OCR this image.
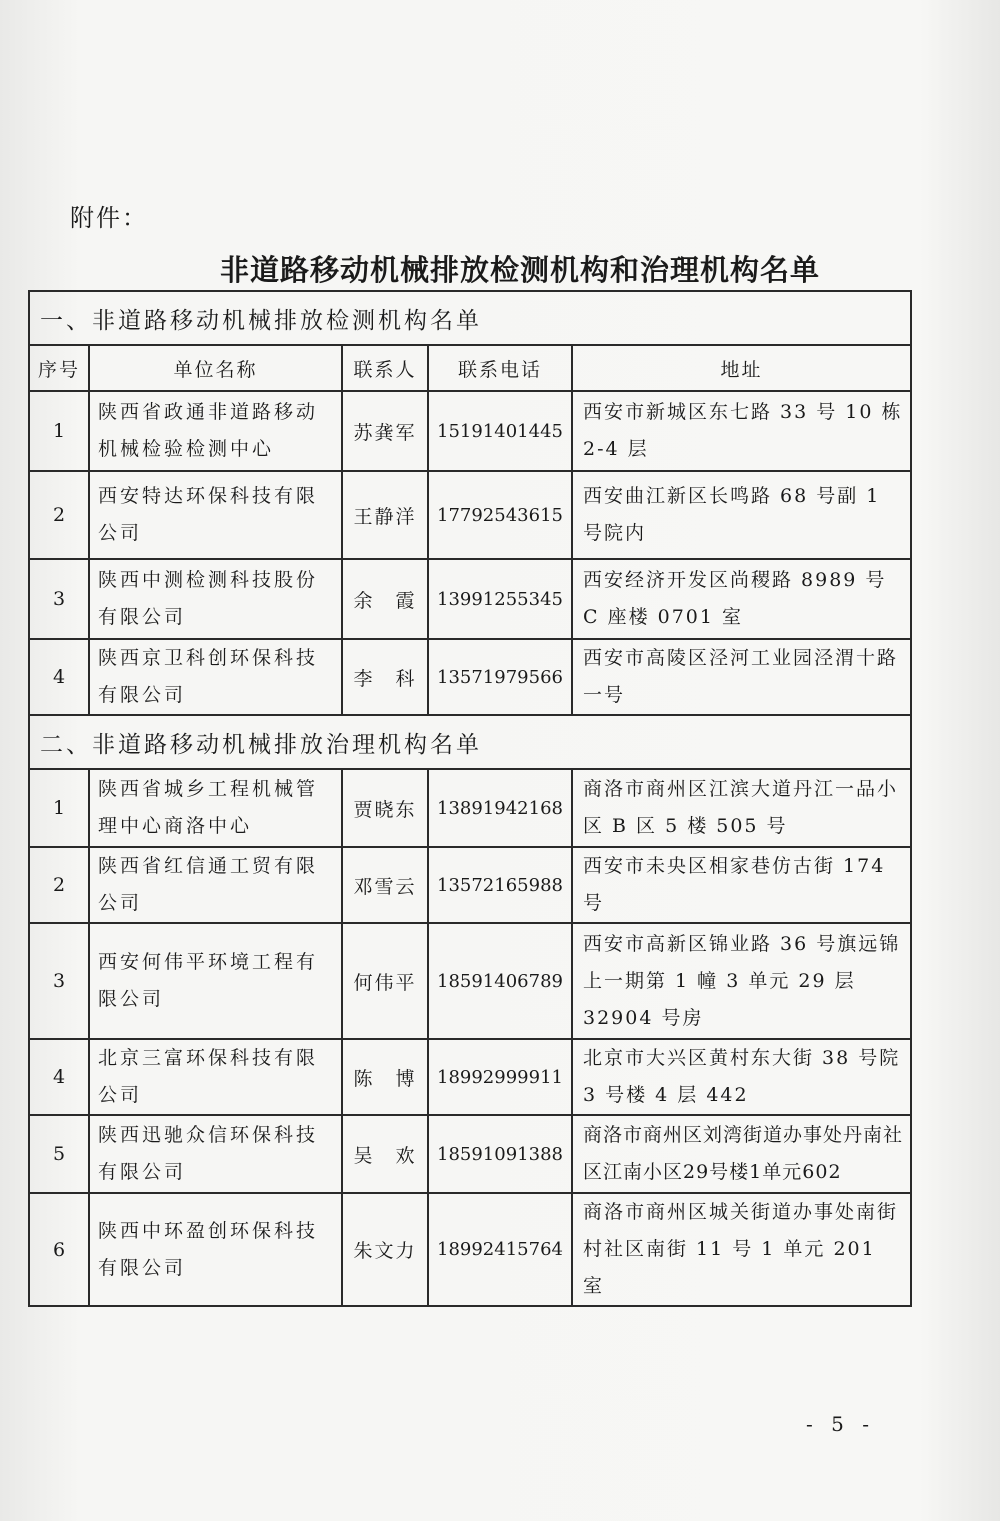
附件：
非道路移动机械排放检测机构和治理机构名单
一、非道路移动机械排放检测机构名单				
序号	单位名称	联系人	联系电话	地址
1	陕西省政通非道路移动机械检验检测中心	苏龚军	15191401445	西安市新城区东七路 33 号 10 栋 2-4 层
2	西安特达环保科技有限公司	王静洋	17792543615	西安曲江新区长鸣路 68 号副 1 号院内
3	陕西中测检测科技股份有限公司	余　霞	13991255345	西安经济开发区尚稷路 8989 号 C 座楼 0701 室
4	陕西京卫科创环保科技有限公司	李　科	13571979566	西安市高陵区泾河工业园泾渭十路一号
二、非道路移动机械排放治理机构名单				
1	陕西省城乡工程机械管理中心商洛中心	贾晓东	13891942168	商洛市商州区江滨大道丹江一品小区 B 区 5 楼 505 号
2	陕西省红信通工贸有限公司	邓雪云	13572165988	西安市未央区相家巷仿古街 174 号
3	西安何伟平环境工程有限公司	何伟平	18591406789	西安市高新区锦业路 36 号旗远锦上一期第 1 幢 3 单元 29 层 32904 号房
4	北京三富环保科技有限公司	陈　博	18992999911	北京市大兴区黄村东大街 38 号院 3 号楼 4 层 442
5	陕西迅驰众信环保科技有限公司	吴　欢	18591091388	商洛市商州区刘湾街道办事处丹南社区江南小区29号楼1单元602
6	陕西中环盈创环保科技有限公司	朱文力	18992415764	商洛市商州区城关街道办事处南街村社区南街 11 号 1 单元 201 室
- 5 -
